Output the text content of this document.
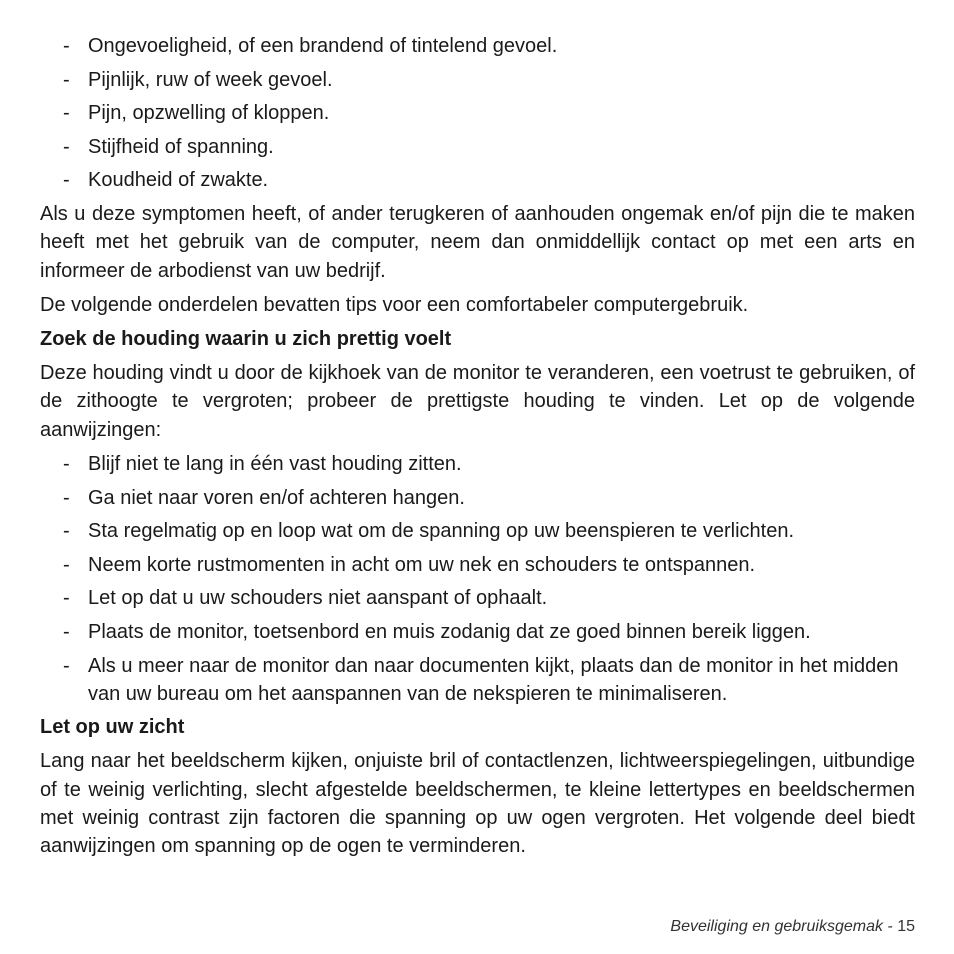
- Ongevoeligheid, of een brandend of tintelend gevoel.
- Pijnlijk, ruw of week gevoel.
- Pijn, opzwelling of kloppen.
- Stijfheid of spanning.
- Koudheid of zwakte.

Als u deze symptomen heeft, of ander terugkeren of aanhouden ongemak en/of pijn die te maken heeft met het gebruik van de computer, neem dan onmiddellijk contact op met een arts en informeer de arbodienst van uw bedrijf.

De volgende onderdelen bevatten tips voor een comfortabeler computergebruik.

Zoek de houding waarin u zich prettig voelt

Deze houding vindt u door de kijkhoek van de monitor te veranderen, een voetrust te gebruiken, of de zithoogte te vergroten; probeer de prettigste houding te vinden. Let op de volgende aanwijzingen:

- Blijf niet te lang in één vast houding zitten.
- Ga niet naar voren en/of achteren hangen.
- Sta regelmatig op en loop wat om de spanning op uw beenspieren te verlichten.
- Neem korte rustmomenten in acht om uw nek en schouders te ontspannen.
- Let op dat u uw schouders niet aanspant of ophaalt.
- Plaats de monitor, toetsenbord en muis zodanig dat ze goed binnen bereik liggen.
- Als u meer naar de monitor dan naar documenten kijkt, plaats dan de monitor in het midden van uw bureau om het aanspannen van de nekspieren te minimaliseren.
Let op uw zicht

Lang naar het beeldscherm kijken, onjuiste bril of contactlenzen, lichtweerspiegelingen, uitbundige of te weinig verlichting, slecht afgestelde beeldschermen, te kleine lettertypes en beeldschermen met weinig contrast zijn factoren die spanning op uw ogen vergroten. Het volgende deel biedt aanwijzingen om spanning op de ogen te verminderen.

Beveiliging en gebruiksgemak - 15
